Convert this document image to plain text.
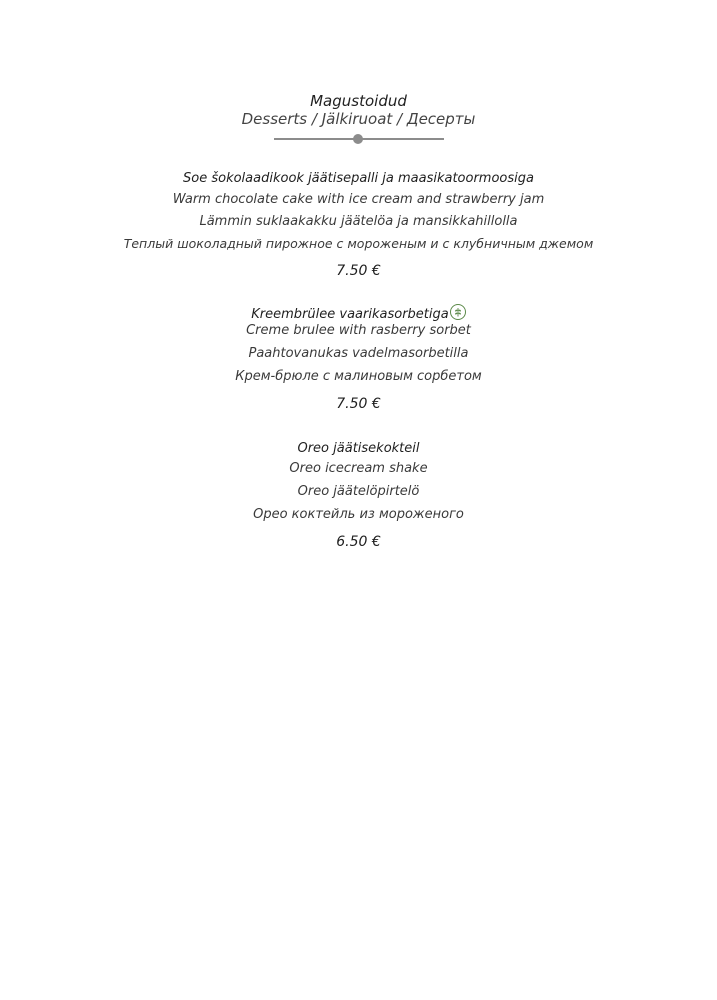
Magustoidud
Desserts / Jälkiruoat / Десерты
Soe šokolaadikook jäätisepalli ja maasikatoormoosiga
Warm chocolate cake with ice cream and strawberry jam
Lämmin suklaakakku jäätelöa ja mansikkahillolla
Теплый шоколадный пирожное с мороженым и с клубничным джемом
7.50 €
Kreembrülee vaarikasorbetiga
Creme brulee with rasberry sorbet
Paahtovanukas vadelmasorbetilla
Крем-брюле с малиновым сорбетом
7.50 €
Oreo jäätisekokteil
Oreo icecream shake
Oreo jäätelöpirtelö
Орео коктейль из мороженого
6.50 €
